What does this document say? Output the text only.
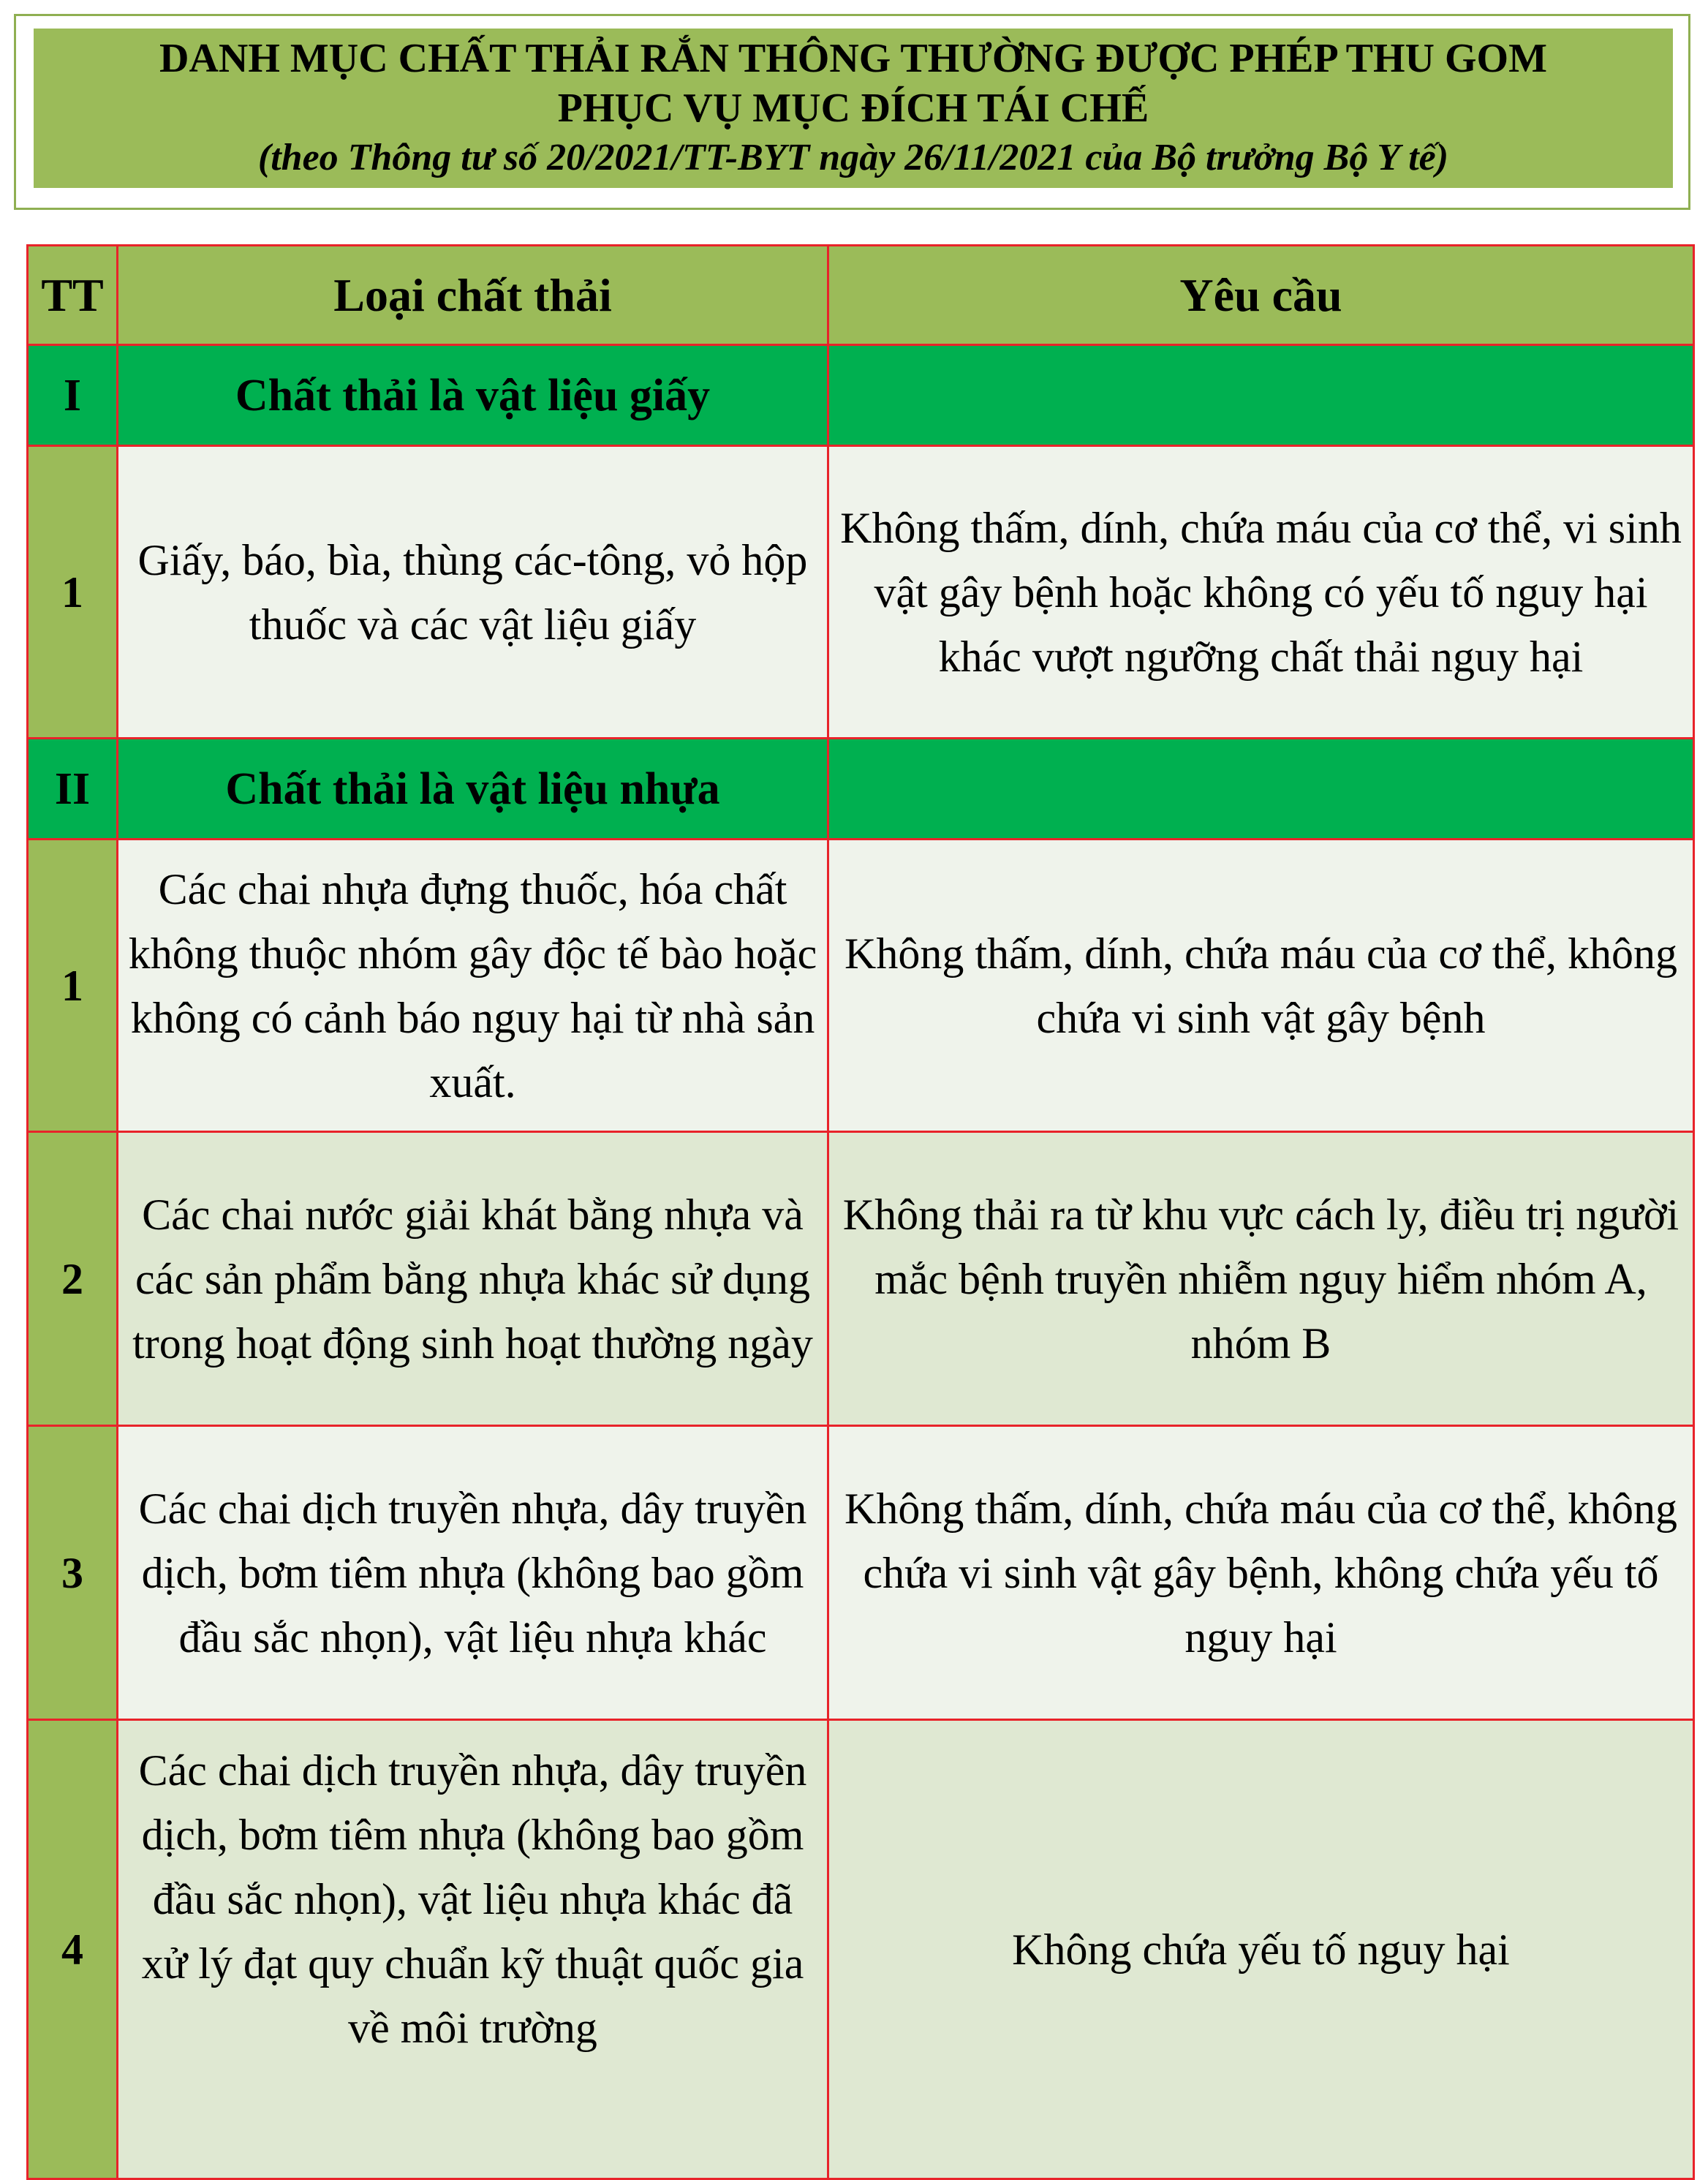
DANH MỤC CHẤT THẢI RẮN THÔNG THƯỜNG ĐƯỢC PHÉP THU GOM
PHỤC VỤ MỤC ĐÍCH TÁI CHẾ
(theo Thông tư số 20/2021/TT-BYT ngày 26/11/2021 của Bộ trưởng Bộ Y tế)
TT	Loại chất thải	Yêu cầu
I	Chất thải là vật liệu giấy	
1	Giấy, báo, bìa, thùng các-tông, vỏ hộp thuốc và các vật liệu giấy	Không thấm, dính, chứa máu của cơ thể, vi sinh vật gây bệnh hoặc không có yếu tố nguy hại khác vượt ngưỡng chất thải nguy hại
II	Chất thải là vật liệu nhựa	
1	Các chai nhựa đựng thuốc, hóa chất không thuộc nhóm gây độc tế bào hoặc không có cảnh báo nguy hại từ nhà sản xuất.	Không thấm, dính, chứa máu của cơ thể, không chứa vi sinh vật gây bệnh
2	Các chai nước giải khát bằng nhựa và các sản phẩm bằng nhựa khác sử dụng trong hoạt động sinh hoạt thường ngày	Không thải ra từ khu vực cách ly, điều trị người mắc bệnh truyền nhiễm nguy hiểm nhóm A, nhóm B
3	Các chai dịch truyền nhựa, dây truyền dịch, bơm tiêm nhựa (không bao gồm đầu sắc nhọn), vật liệu nhựa khác	Không thấm, dính, chứa máu của cơ thể, không chứa vi sinh vật gây bệnh, không chứa yếu tố nguy hại
4	Các chai dịch truyền nhựa, dây truyền dịch, bơm tiêm nhựa (không bao gồm đầu sắc nhọn), vật liệu nhựa khác đã xử lý đạt quy chuẩn kỹ thuật quốc gia về môi trường	Không chứa yếu tố nguy hại
